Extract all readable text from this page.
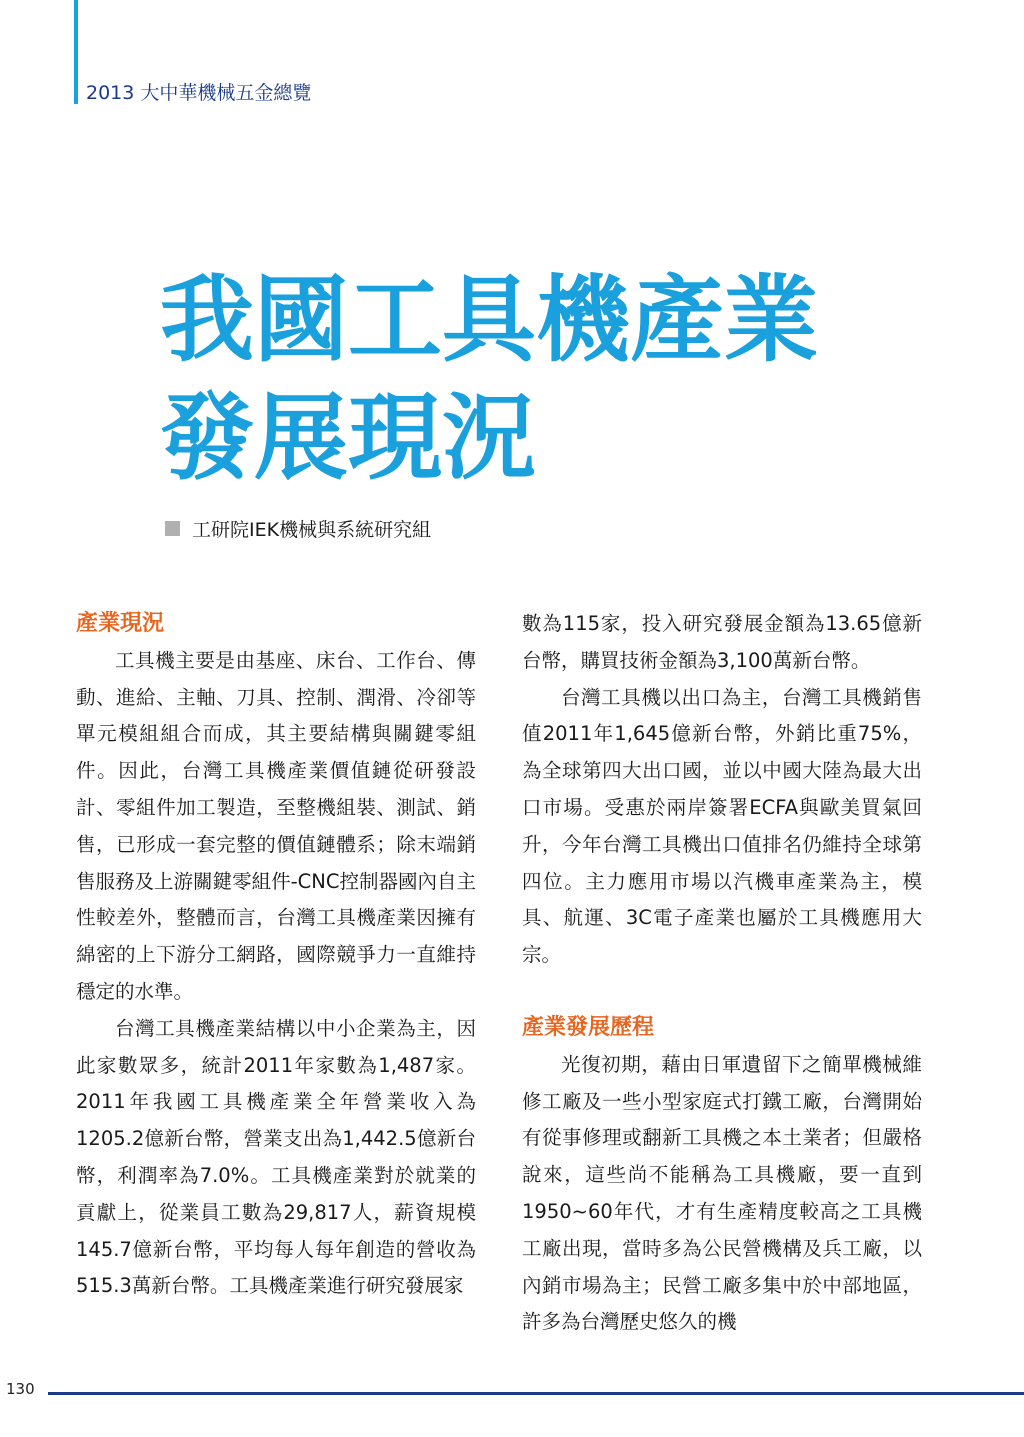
2013 大中華機械五金總覽
我國工具機產業
發展現況
工研院IEK機械與系統研究組
產業現況

工具機主要是由基座、床台、工作台、傳動、進給、主軸、刀具、控制、潤滑、冷卻等單元模組組合而成，其主要結構與關鍵零組件。因此，台灣工具機產業價值鏈從研發設計、零組件加工製造，至整機組裝、測試、銷售，已形成一套完整的價值鏈體系；除末端銷售服務及上游關鍵零組件-CNC控制器國內自主性較差外，整體而言，台灣工具機產業因擁有綿密的上下游分工網路，國際競爭力一直維持穩定的水準。

台灣工具機產業結構以中小企業為主，因此家數眾多，統計2011年家數為1,487家。2011年我國工具機產業全年營業收入為1205.2億新台幣，營業支出為1,442.5億新台幣，利潤率為7.0%。工具機產業對於就業的貢獻上，從業員工數為29,817人，薪資規模145.7億新台幣，平均每人每年創造的營收為515.3萬新台幣。工具機產業進行研究發展家

數為115家，投入研究發展金額為13.65億新台幣，購買技術金額為3,100萬新台幣。

台灣工具機以出口為主，台灣工具機銷售值2011年1,645億新台幣，外銷比重75%，為全球第四大出口國，並以中國大陸為最大出口市場。受惠於兩岸簽署ECFA與歐美買氣回升，今年台灣工具機出口值排名仍維持全球第四位。主力應用市場以汽機車產業為主，模具、航運、3C電子產業也屬於工具機應用大宗。

產業發展歷程

光復初期，藉由日軍遺留下之簡單機械維修工廠及一些小型家庭式打鐵工廠，台灣開始有從事修理或翻新工具機之本土業者；但嚴格說來，這些尚不能稱為工具機廠，要一直到1950~60年代，才有生產精度較高之工具機工廠出現，當時多為公民營機構及兵工廠，以內銷市場為主；民營工廠多集中於中部地區，許多為台灣歷史悠久的機

130
